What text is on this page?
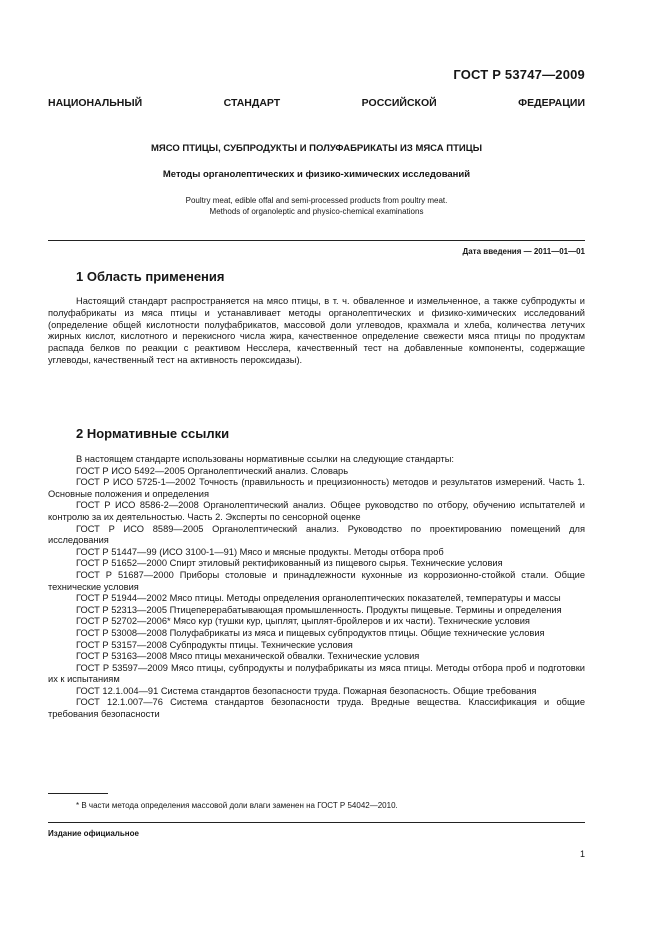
ГОСТ Р 53747—2009
НАЦИОНАЛЬНЫЙ СТАНДАРТ РОССИЙСКОЙ ФЕДЕРАЦИИ
МЯСО ПТИЦЫ, СУБПРОДУКТЫ И ПОЛУФАБРИКАТЫ ИЗ МЯСА ПТИЦЫ
Методы органолептических и физико-химических исследований
Poultry meat, edible offal and semi-processed products from poultry meat.
Methods of organoleptic and physico-chemical examinations
Дата введения — 2011—01—01
1 Область применения
Настоящий стандарт распространяется на мясо птицы, в т. ч. обваленное и измельченное, а также субпродукты и полуфабрикаты из мяса птицы и устанавливает методы органолептических и физико-химических исследований (определение общей кислотности полуфабрикатов, массовой доли углеводов, крахмала и хлеба, количества летучих жирных кислот, кислотного и перекисного числа жира, качественное определение свежести мяса птицы по продуктам распада белков по реакции с реактивом Несслера, качественный тест на добавленные компоненты, содержащие углеводы, качественный тест на активность пероксидазы).
2 Нормативные ссылки
В настоящем стандарте использованы нормативные ссылки на следующие стандарты:
ГОСТ Р ИСО 5492—2005 Органолептический анализ. Словарь
ГОСТ Р ИСО 5725-1—2002 Точность (правильность и прецизионность) методов и результатов измерений. Часть 1. Основные положения и определения
ГОСТ Р ИСО 8586-2—2008 Органолептический анализ. Общее руководство по отбору, обучению испытателей и контролю за их деятельностью. Часть 2. Эксперты по сенсорной оценке
ГОСТ Р ИСО 8589—2005 Органолептический анализ. Руководство по проектированию помещений для исследования
ГОСТ Р 51447—99 (ИСО 3100-1—91) Мясо и мясные продукты. Методы отбора проб
ГОСТ Р 51652—2000 Спирт этиловый ректификованный из пищевого сырья. Технические условия
ГОСТ Р 51687—2000 Приборы столовые и принадлежности кухонные из коррозионно-стойкой стали. Общие технические условия
ГОСТ Р 51944—2002 Мясо птицы. Методы определения органолептических показателей, температуры и массы
ГОСТ Р 52313—2005 Птицеперерабатывающая промышленность. Продукты пищевые. Термины и определения
ГОСТ Р 52702—2006* Мясо кур (тушки кур, цыплят, цыплят-бройлеров и их части). Технические условия
ГОСТ Р 53008—2008 Полуфабрикаты из мяса и пищевых субпродуктов птицы. Общие технические условия
ГОСТ Р 53157—2008 Субпродукты птицы. Технические условия
ГОСТ Р 53163—2008 Мясо птицы механической обвалки. Технические условия
ГОСТ Р 53597—2009 Мясо птицы, субпродукты и полуфабрикаты из мяса птицы. Методы отбора проб и подготовки их к испытаниям
ГОСТ 12.1.004—91 Система стандартов безопасности труда. Пожарная безопасность. Общие требования
ГОСТ 12.1.007—76 Система стандартов безопасности труда. Вредные вещества. Классификация и общие требования безопасности
* В части метода определения массовой доли влаги заменен на ГОСТ Р 54042—2010.
Издание официальное
1
